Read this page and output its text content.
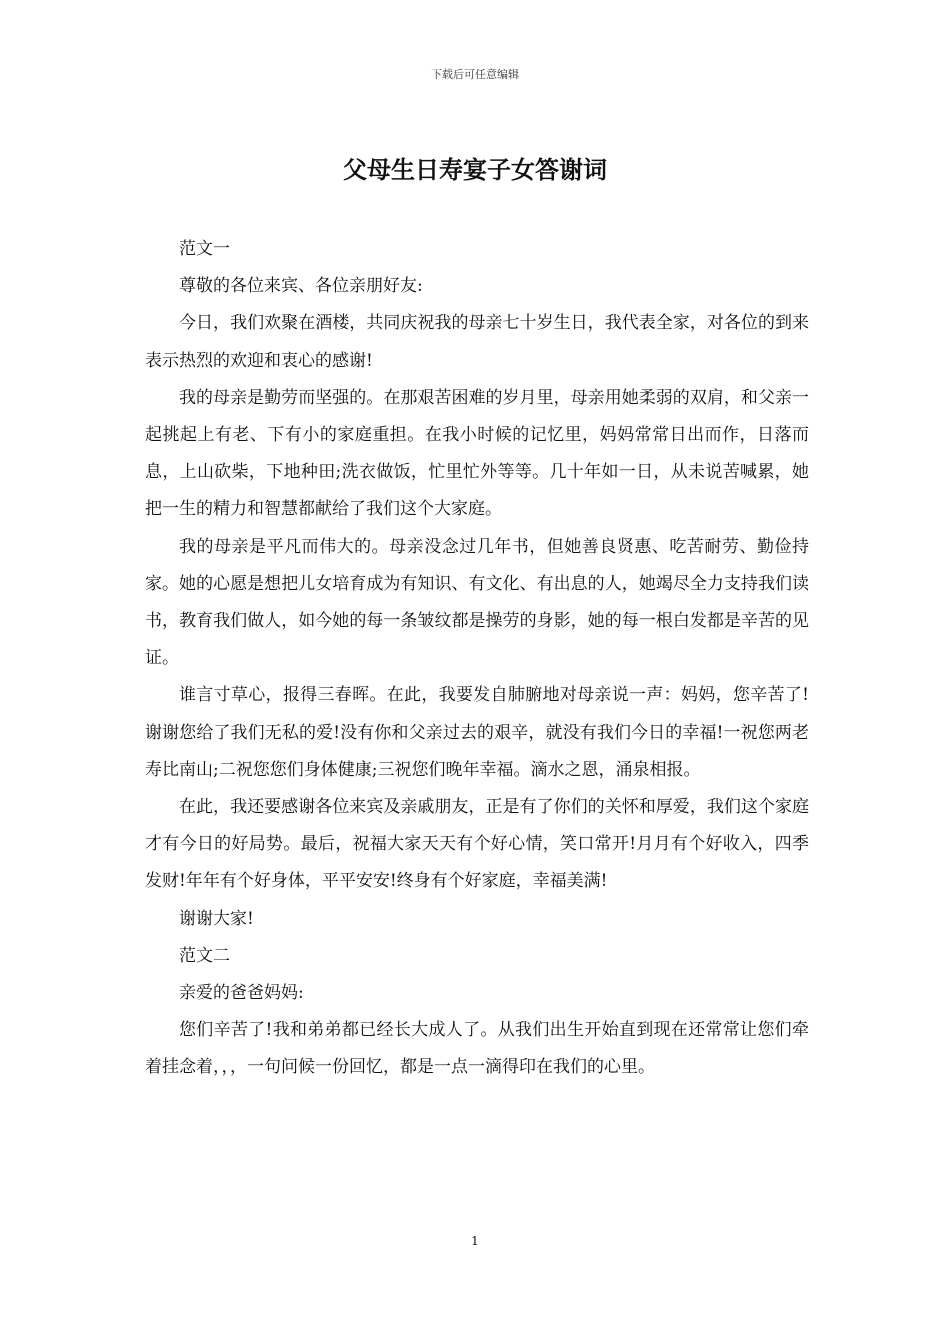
下载后可任意编辑
父母生日寿宴子女答谢词

范文一

尊敬的各位来宾、各位亲朋好友:

今日，我们欢聚在酒楼，共同庆祝我的母亲七十岁生日，我代表全家，对各位的到来表示热烈的欢迎和衷心的感谢!

我的母亲是勤劳而坚强的。在那艰苦困难的岁月里，母亲用她柔弱的双肩，和父亲一起挑起上有老、下有小的家庭重担。在我小时候的记忆里，妈妈常常日出而作，日落而息，上山砍柴，下地种田;洗衣做饭，忙里忙外等等。几十年如一日，从未说苦喊累，她把一生的精力和智慧都献给了我们这个大家庭。

我的母亲是平凡而伟大的。母亲没念过几年书，但她善良贤惠、吃苦耐劳、勤俭持家。她的心愿是想把儿女培育成为有知识、有文化、有出息的人，她竭尽全力支持我们读书，教育我们做人，如今她的每一条皱纹都是操劳的身影，她的每一根白发都是辛苦的见证。

谁言寸草心，报得三春晖。在此，我要发自肺腑地对母亲说一声：妈妈，您辛苦了!谢谢您给了我们无私的爱!没有你和父亲过去的艰辛，就没有我们今日的幸福!一祝您两老寿比南山;二祝您您们身体健康;三祝您们晚年幸福。滴水之恩，涌泉相报。

在此，我还要感谢各位来宾及亲戚朋友，正是有了你们的关怀和厚爱，我们这个家庭才有今日的好局势。最后，祝福大家天天有个好心情，笑口常开!月月有个好收入，四季发财!年年有个好身体，平平安安!终身有个好家庭，幸福美满!

谢谢大家!

范文二

亲爱的爸爸妈妈:

您们辛苦了!我和弟弟都已经长大成人了。从我们出生开始直到现在还常常让您们牵着挂念着，，，一句问候一份回忆，都是一点一滴得印在我们的心里。

1
